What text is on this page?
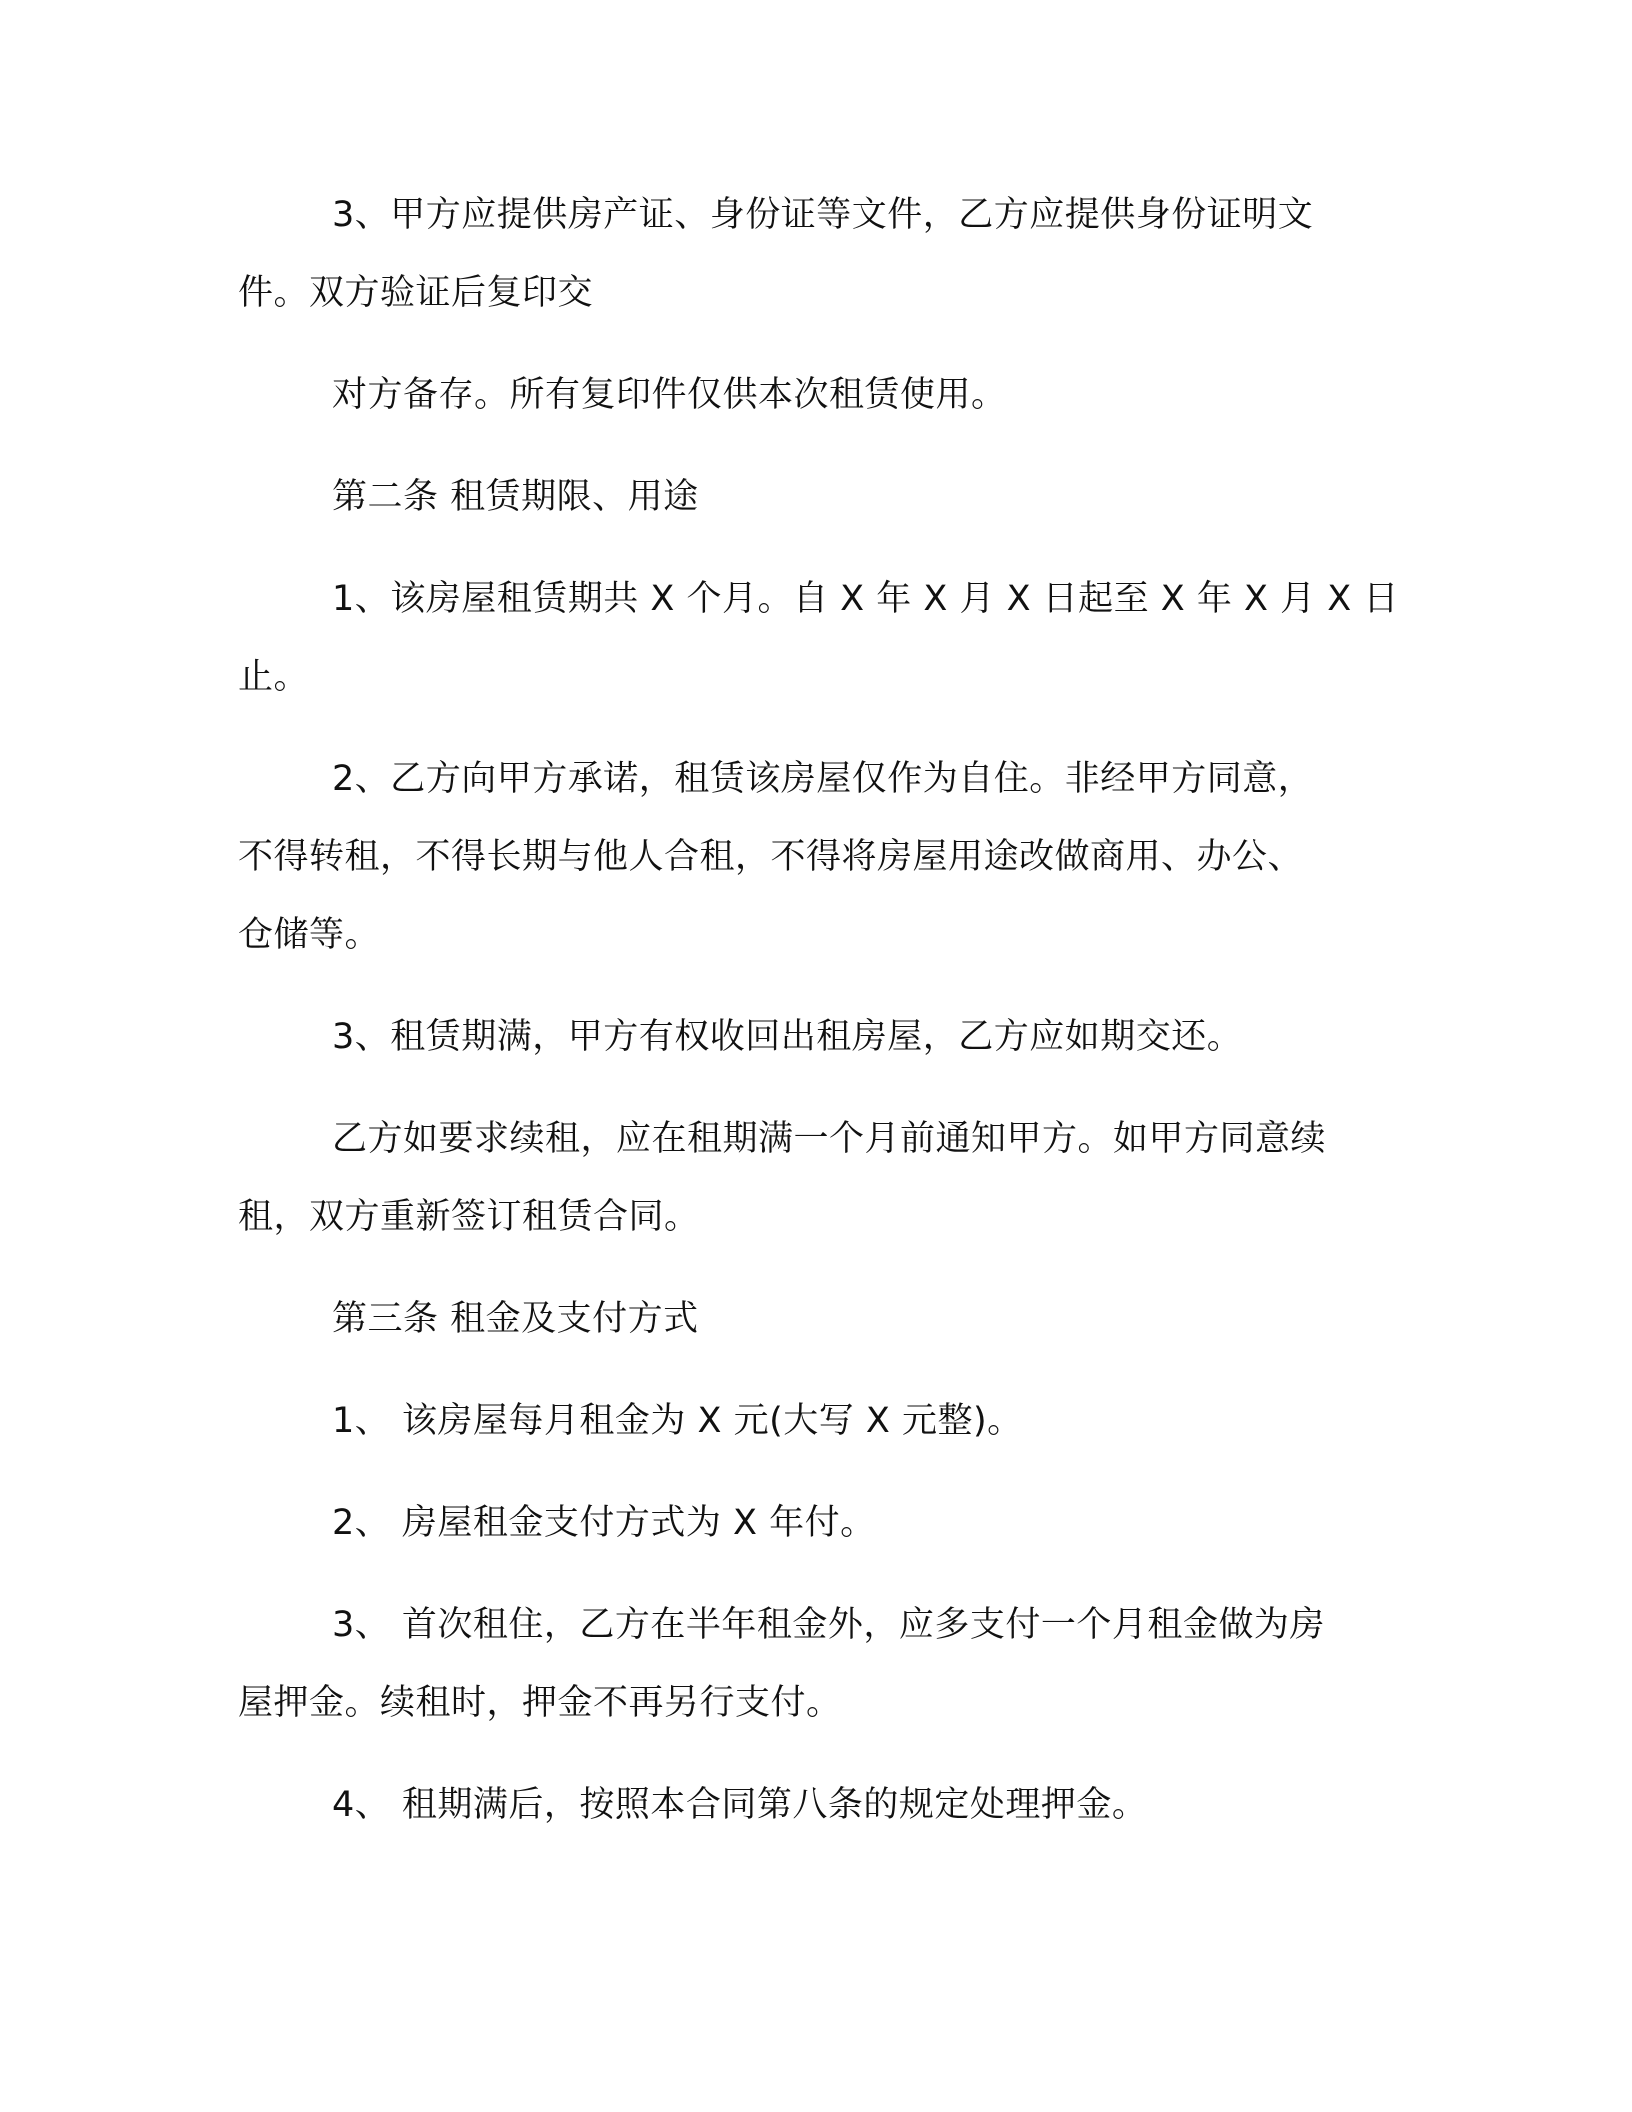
3、甲方应提供房产证、身份证等文件，乙方应提供身份证明文
件。双方验证后复印交
对方备存。所有复印件仅供本次租赁使用。
第二条 租赁期限、用途
1、该房屋租赁期共 X 个月。自 X 年 X 月 X 日起至 X 年 X 月 X 日
止。
2、乙方向甲方承诺，租赁该房屋仅作为自住。非经甲方同意，
不得转租，不得长期与他人合租，不得将房屋用途改做商用、办公、
仓储等。
3、租赁期满，甲方有权收回出租房屋，乙方应如期交还。
乙方如要求续租，应在租期满一个月前通知甲方。如甲方同意续
租，双方重新签订租赁合同。
第三条 租金及支付方式
1、 该房屋每月租金为 X 元(大写 X 元整)。
2、 房屋租金支付方式为 X 年付。
3、 首次租住，乙方在半年租金外，应多支付一个月租金做为房
屋押金。续租时，押金不再另行支付。
4、 租期满后，按照本合同第八条的规定处理押金。
